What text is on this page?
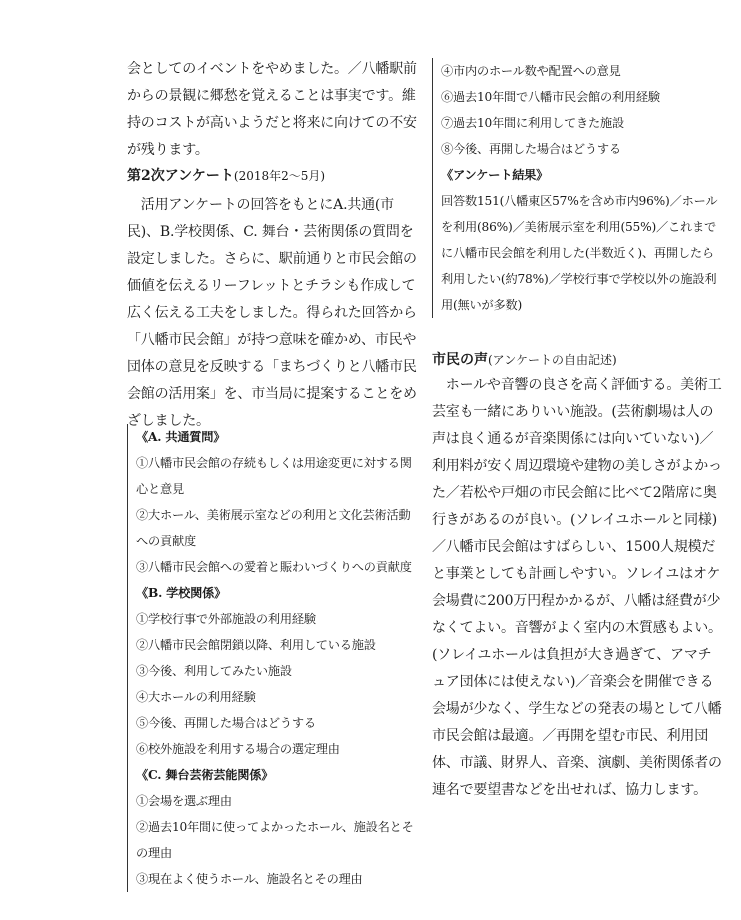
会としてのイベントをやめました。／八幡駅前からの景観に郷愁を覚えることは事実です。維持のコストが高いようだと将来に向けての不安が残ります。
第2次アンケート(2018年2～5月)
　活用アンケートの回答をもとにA.共通(市民)、B.学校関係、C. 舞台・芸術関係の質問を設定しました。さらに、駅前通りと市民会館の価値を伝えるリーフレットとチラシも作成して広く伝える工夫をしました。得られた回答から「八幡市民会館」が持つ意味を確かめ、市民や団体の意見を反映する「まちづくりと八幡市民会館の活用案」を、市当局に提案することをめざしました。
《A. 共通質問》
①八幡市民会館の存続もしくは用途変更に対する関心と意見
②大ホール、美術展示室などの利用と文化芸術活動への貢献度
③八幡市民会館への愛着と賑わいづくりへの貢献度
《B. 学校関係》
①学校行事で外部施設の利用経験
②八幡市民会館閉鎖以降、利用している施設
③今後、利用してみたい施設
④大ホールの利用経験
⑤今後、再開した場合はどうする
⑥校外施設を利用する場合の選定理由
《C. 舞台芸術芸能関係》
①会場を選ぶ理由
②過去10年間に使ってよかったホール、施設名とその理由
③現在よく使うホール、施設名とその理由
④市内のホール数や配置への意見
⑥過去10年間で八幡市民会館の利用経験
⑦過去10年間に利用してきた施設
⑧今後、再開した場合はどうする
《アンケート結果》
回答数151(八幡東区57%を含め市内96%)／ホールを利用(86%)／美術展示室を利用(55%)／これまでに八幡市民会館を利用した(半数近く)、再開したら利用したい(約78%)／学校行事で学校以外の施設利用(無いが多数)
市民の声(アンケートの自由記述)
　ホールや音響の良さを高く評価する。美術工芸室も一緒にありいい施設。(芸術劇場は人の声は良く通るが音楽関係には向いていない)／利用料が安く周辺環境や建物の美しさがよかった／若松や戸畑の市民会館に比べて2階席に奥行きがあるのが良い。(ソレイユホールと同様)／八幡市民会館はすばらしい、1500人規模だと事業としても計画しやすい。ソレイユはオケ会場費に200万円程かかるが、八幡は経費が少なくてよい。音響がよく室内の木質感もよい。(ソレイユホールは負担が大き過ぎて、アマチュア団体には使えない)／音楽会を開催できる会場が少なく、学生などの発表の場として八幡市民会館は最適。／再開を望む市民、利用団体、市議、財界人、音楽、演劇、美術関係者の連名で要望書などを出せれば、協力します。
